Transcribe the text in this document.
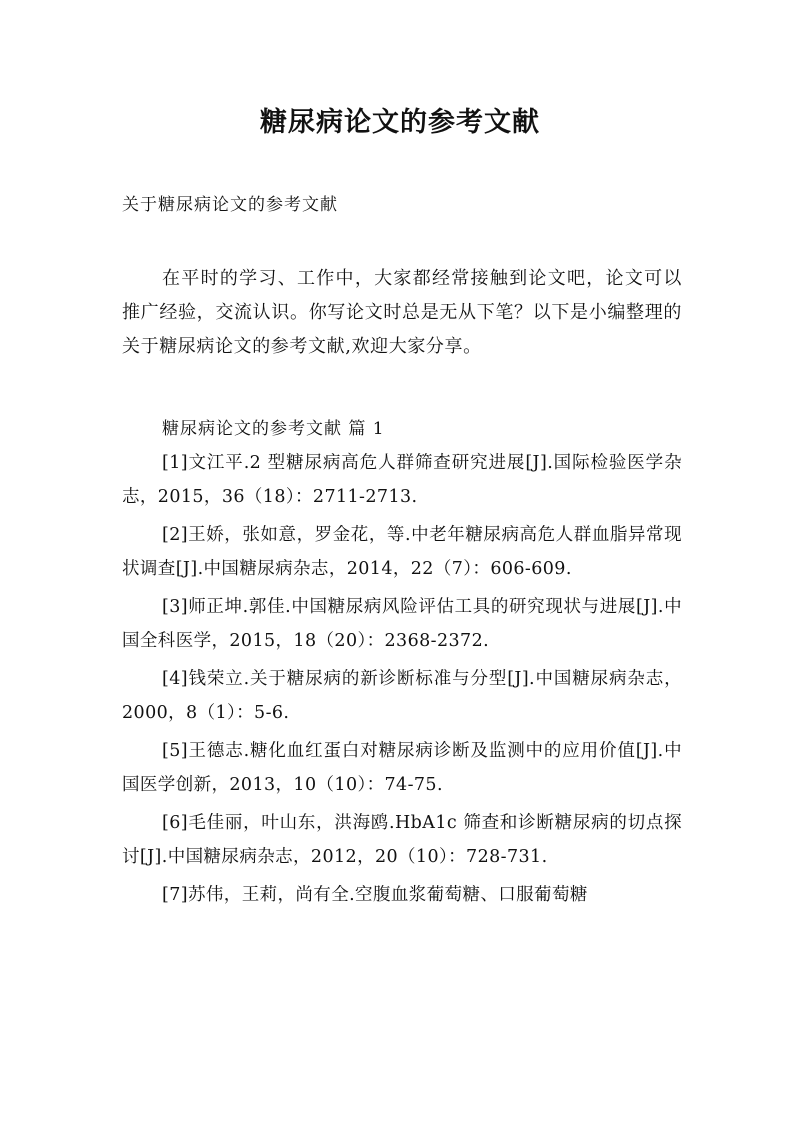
糖尿病论文的参考文献

关于糖尿病论文的参考文献

在平时的学习、工作中，大家都经常接触到论文吧，论文可以推广经验，交流认识。你写论文时总是无从下笔？以下是小编整理的关于糖尿病论文的参考文献,欢迎大家分享。

糖尿病论文的参考文献 篇 1

[1]文江平.2 型糖尿病高危人群筛查研究进展[J].国际检验医学杂志，2015，36（18）：2711-2713.
[2]王娇，张如意，罗金花，等.中老年糖尿病高危人群血脂异常现状调查[J].中国糖尿病杂志，2014，22（7）：606-609.
[3]师正坤.郭佳.中国糖尿病风险评估工具的研究现状与进展[J].中国全科医学，2015，18（20）：2368-2372.
[4]钱荣立.关于糖尿病的新诊断标准与分型[J].中国糖尿病杂志，2000，8（1）：5-6.
[5]王德志.糖化血红蛋白对糖尿病诊断及监测中的应用价值[J].中国医学创新，2013，10（10）：74-75.
[6]毛佳丽，叶山东，洪海鸥.HbA1c 筛查和诊断糖尿病的切点探讨[J].中国糖尿病杂志，2012，20（10）：728-731.
[7]苏伟，王莉，尚有全.空腹血浆葡萄糖、口服葡萄糖
